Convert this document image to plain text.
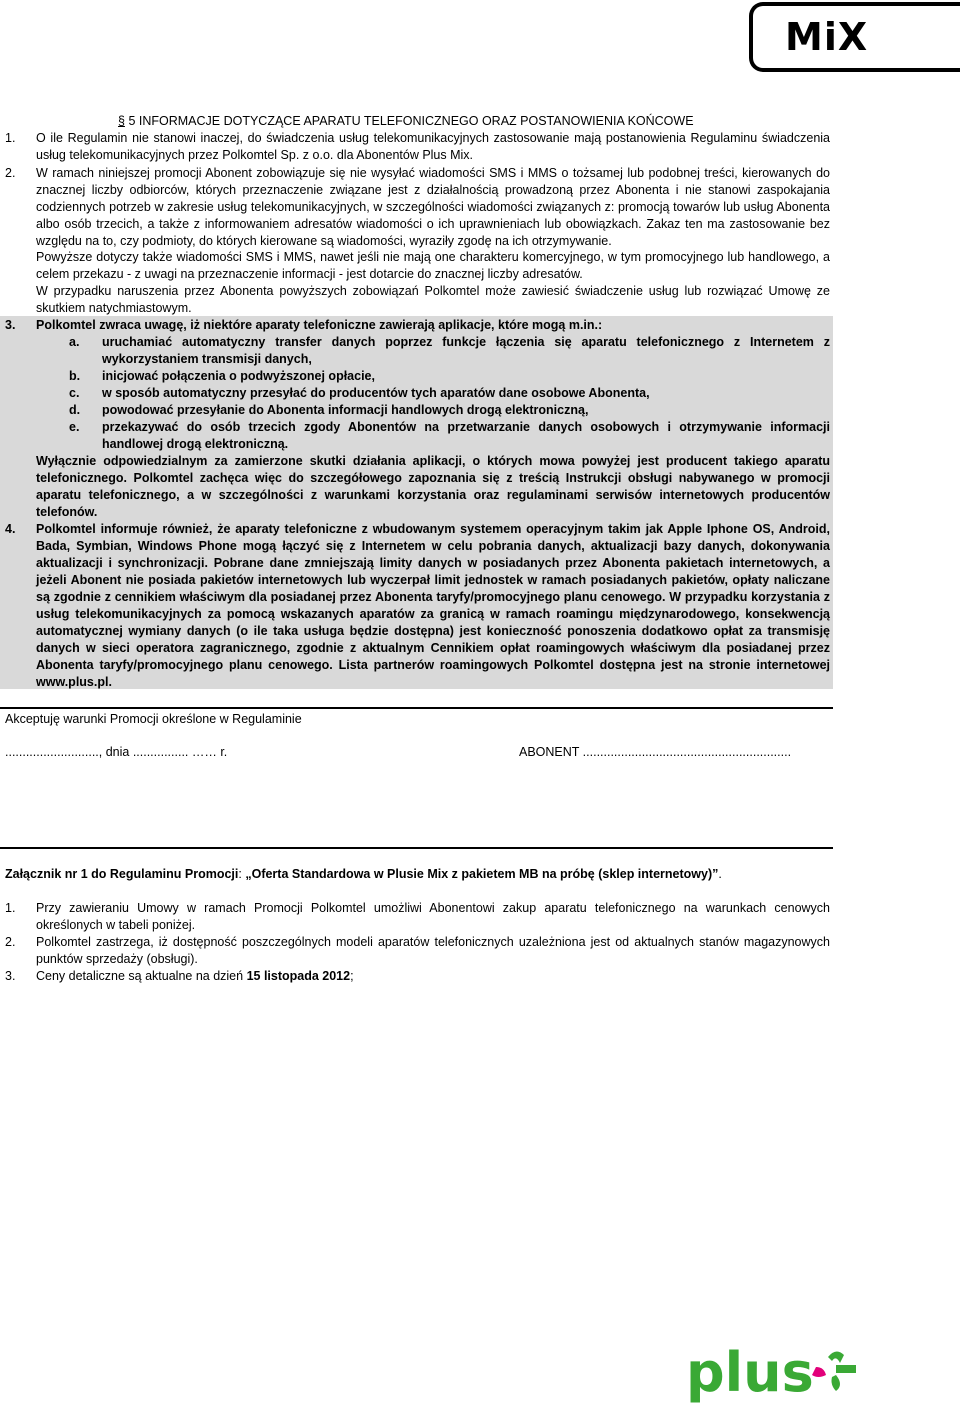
MiX
§ 5 INFORMACJE DOTYCZĄCE APARATU TELEFONICZNEGO ORAZ POSTANOWIENIA KOŃCOWE
1. O ile Regulamin nie stanowi inaczej, do świadczenia usług telekomunikacyjnych zastosowanie mają postanowienia Regulaminu świadczenia usług telekomunikacyjnych przez Polkomtel Sp. z o.o. dla Abonentów Plus Mix.
2. W ramach niniejszej promocji Abonent zobowiązuje się nie wysyłać wiadomości SMS i MMS o tożsamej lub podobnej treści, kierowanych do znacznej liczby odbiorców, których przeznaczenie związane jest z działalnością prowadzoną przez Abonenta i nie stanowi zaspokajania codziennych potrzeb w zakresie usług telekomunikacyjnych, w szczególności wiadomości związanych z: promocją towarów lub usług Abonenta albo osób trzecich, a także z informowaniem adresatów wiadomości o ich uprawnieniach lub obowiązkach. Zakaz ten ma zastosowanie bez względu na to, czy podmioty, do których kierowane są wiadomości, wyraziły zgodę na ich otrzymywanie.
Powyższe dotyczy także wiadomości SMS i MMS, nawet jeśli nie mają one charakteru komercyjnego, w tym promocyjnego lub handlowego, a celem przekazu - z uwagi na przeznaczenie informacji - jest dotarcie do znacznej liczby adresatów.
W przypadku naruszenia przez Abonenta powyższych zobowiązań Polkomtel może zawiesić świadczenie usług lub rozwiązać Umowę ze skutkiem natychmiastowym.
3. Polkomtel zwraca uwagę, iż niektóre aparaty telefoniczne zawierają aplikacje, które mogą m.in.:
a. uruchamiać automatyczny transfer danych poprzez funkcje łączenia się aparatu telefonicznego z Internetem z wykorzystaniem transmisji danych,
b. inicjować połączenia o podwyższonej opłacie,
c. w sposób automatyczny przesyłać do producentów tych aparatów dane osobowe Abonenta,
d. powodować przesyłanie do Abonenta informacji handlowych drogą elektroniczną,
e. przekazywać do osób trzecich zgody Abonentów na przetwarzanie danych osobowych i otrzymywanie informacji handlowej drogą elektroniczną.
Wyłącznie odpowiedzialnym za zamierzone skutki działania aplikacji, o których mowa powyżej jest producent takiego aparatu telefonicznego. Polkomtel zachęca więc do szczegółowego zapoznania się z treścią Instrukcji obsługi nabywanego w promocji aparatu telefonicznego, a w szczególności z warunkami korzystania oraz regulaminami serwisów internetowych producentów telefonów.
4. Polkomtel informuje również, że aparaty telefoniczne z wbudowanym systemem operacyjnym takim jak Apple Iphone OS, Android, Bada, Symbian, Windows Phone mogą łączyć się z Internetem w celu pobrania danych, aktualizacji bazy danych, dokonywania aktualizacji i synchronizacji. Pobrane dane zmniejszają limity danych w posiadanych przez Abonenta pakietach internetowych, a jeżeli Abonent nie posiada pakietów internetowych lub wyczerpał limit jednostek w ramach posiadanych pakietów, opłaty naliczane są zgodnie z cennikiem właściwym dla posiadanej przez Abonenta taryfy/promocyjnego planu cenowego. W przypadku korzystania z usług telekomunikacyjnych za pomocą wskazanych aparatów za granicą w ramach roamingu międzynarodowego, konsekwencją automatycznej wymiany danych (o ile taka usługa będzie dostępna) jest konieczność ponoszenia dodatkowo opłat za transmisję danych w sieci operatora zagranicznego, zgodnie z aktualnym Cennikiem opłat roamingowych właściwym dla posiadanej przez Abonenta taryfy/promocyjnego planu cenowego. Lista partnerów roamingowych Polkomtel dostępna jest na stronie internetowej www.plus.pl.
Akceptuję warunki Promocji określone w Regulaminie
..........................., dnia ................ …… r.	ABONENT ............................................................
Załącznik nr 1 do Regulaminu Promocji: „Oferta Standardowa w Plusie Mix z pakietem MB na próbę (sklep internetowy)”.
1. Przy zawieraniu Umowy w ramach Promocji Polkomtel umożliwi Abonentowi zakup aparatu telefonicznego na warunkach cenowych określonych w tabeli poniżej.
2. Polkomtel zastrzega, iż dostępność poszczególnych modeli aparatów telefonicznych uzależniona jest od aktualnych stanów magazynowych punktów sprzedaży (obsługi).
3. Ceny detaliczne są aktualne na dzień 15 listopada 2012;
plus
